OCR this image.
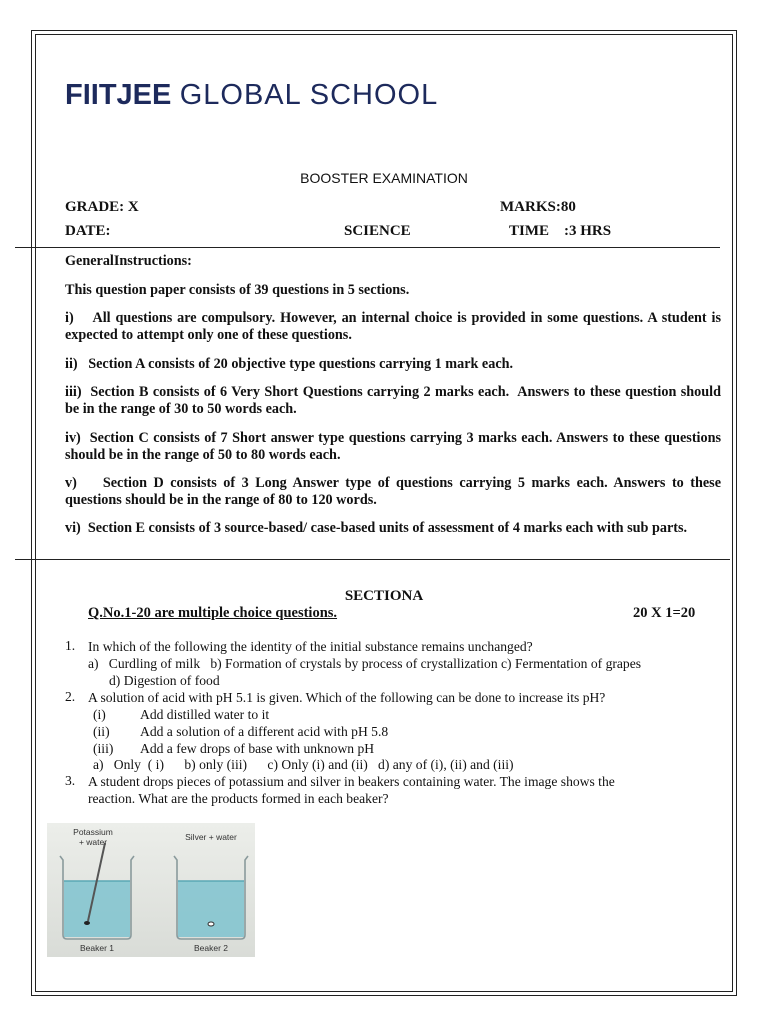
FIITJEE GLOBAL SCHOOL
BOOSTER EXAMINATION
GRADE: X	MARKS:80
DATE:	SCIENCE	TIME    :3 HRS
GeneralInstructions:
This question paper consists of 39 questions in 5 sections.
i)    All questions are compulsory. However, an internal choice is provided in some questions. A student is expected to attempt only one of these questions.
ii)   Section A consists of 20 objective type questions carrying 1 mark each.
iii)  Section B consists of 6 Very Short Questions carrying 2 marks each.  Answers to these question should be in the range of 30 to 50 words each.
iv)  Section C consists of 7 Short answer type questions carrying 3 marks each. Answers to these questions should be in the range of 50 to 80 words each.
v)    Section D consists of 3 Long Answer type of questions carrying 5 marks each. Answers to these questions should be in the range of 80 to 120 words.
vi)  Section E consists of 3 source-based/ case-based units of assessment of 4 marks each with sub parts.
SECTIONA
Q.No.1-20 are multiple choice questions.	20 X 1=20
1. In which of the following the identity of the initial substance remains unchanged?
a)   Curdling of milk   b) Formation of crystals by process of crystallization c) Fermentation of grapes
d) Digestion of food
2. A solution of acid with pH 5.1 is given. Which of the following can be done to increase its pH?
(i)	Add distilled water to it
(ii) Add a solution of a different acid with pH 5.8
(iii) Add a few drops of base with unknown pH
a)   Only  ( i)      b) only (iii)      c) Only (i) and (ii)   d) any of (i), (ii) and (iii)
3. A student drops pieces of potassium and silver in beakers containing water. The image shows the
reaction. What are the products formed in each beaker?
Potassium
+ water	Silver + water
Beaker 1	Beaker 2
